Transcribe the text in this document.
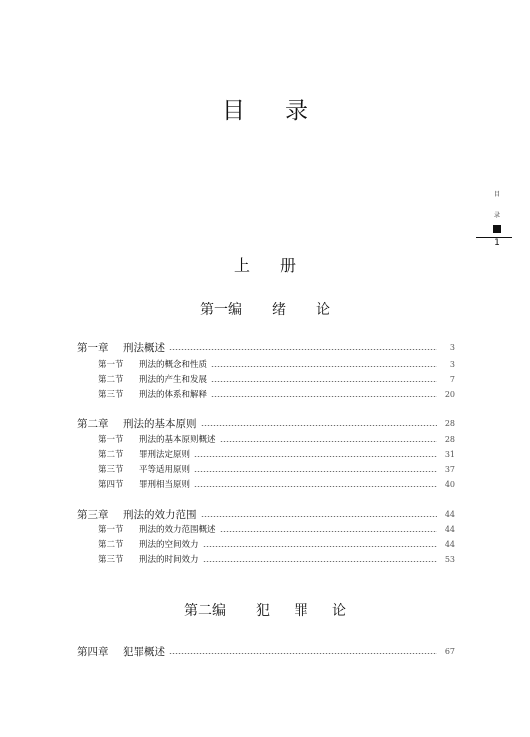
目 录
目
录
1
上 册
第一编 绪 论
第二编 犯 罪 论
第一章	刑法概述	3
第一节	刑法的概念和性质	3
第二节	刑法的产生和发展	7
第三节	刑法的体系和解释	20
第二章	刑法的基本原则	28
第一节	刑法的基本原则概述	28
第二节	罪刑法定原则	31
第三节	平等适用原则	37
第四节	罪刑相当原则	40
第三章	刑法的效力范围	44
第一节	刑法的效力范围概述	44
第二节	刑法的空间效力	44
第三节	刑法的时间效力	53
第四章	犯罪概述	67
